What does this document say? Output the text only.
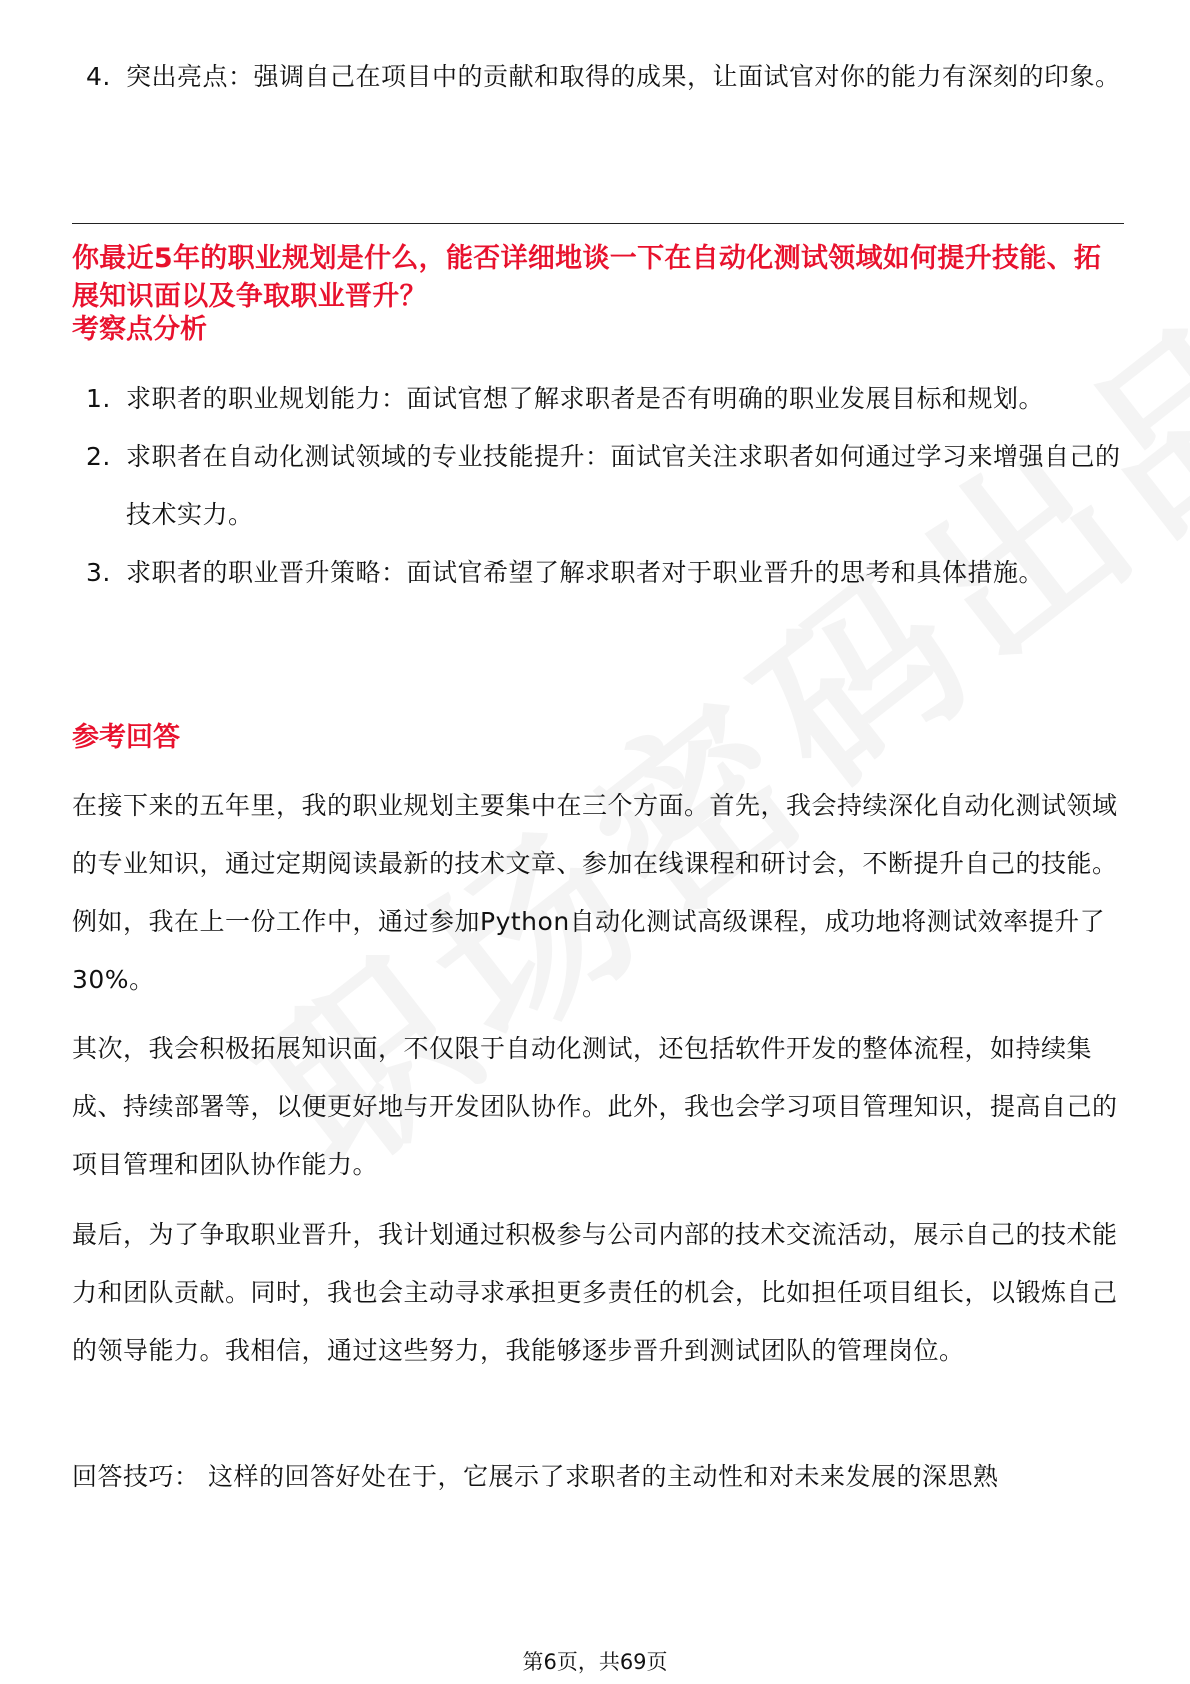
4. 突出亮点：强调自己在项目中的贡献和取得的成果，让面试官对你的能力有深刻的印象。
你最近5年的职业规划是什么，能否详细地谈一下在自动化测试领域如何提升技能、拓展知识面以及争取职业晋升？
考察点分析
1. 求职者的职业规划能力：面试官想了解求职者是否有明确的职业发展目标和规划。
2. 求职者在自动化测试领域的专业技能提升：面试官关注求职者如何通过学习来增强自己的技术实力。
3. 求职者的职业晋升策略：面试官希望了解求职者对于职业晋升的思考和具体措施。
参考回答
在接下来的五年里，我的职业规划主要集中在三个方面。首先，我会持续深化自动化测试领域的专业知识，通过定期阅读最新的技术文章、参加在线课程和研讨会，不断提升自己的技能。例如，我在上一份工作中，通过参加Python自动化测试高级课程，成功地将测试效率提升了30%。
其次，我会积极拓展知识面，不仅限于自动化测试，还包括软件开发的整体流程，如持续集成、持续部署等，以便更好地与开发团队协作。此外，我也会学习项目管理知识，提高自己的项目管理和团队协作能力。
最后，为了争取职业晋升，我计划通过积极参与公司内部的技术交流活动，展示自己的技术能力和团队贡献。同时，我也会主动寻求承担更多责任的机会，比如担任项目组长，以锻炼自己的领导能力。我相信，通过这些努力，我能够逐步晋升到测试团队的管理岗位。
回答技巧： 这样的回答好处在于，它展示了求职者的主动性和对未来发展的深思熟
第6页，共69页
